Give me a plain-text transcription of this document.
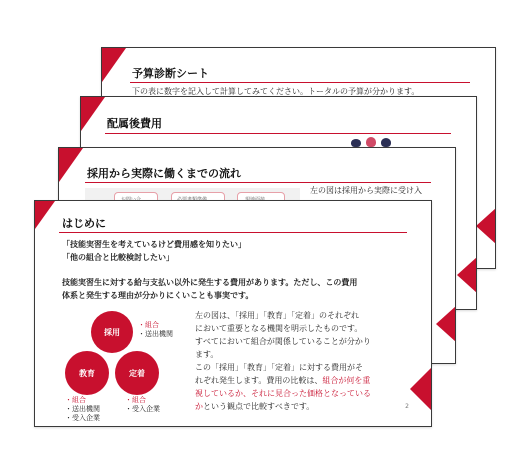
予算診断シート
下の表に数字を記入して計算してみてください。トータルの予算が分かります。
配属後費用
採用から実際に働くまでの流れ
左の図は採用から実際に受け入
はじめに
「技能実習生を考えているけど費用感を知りたい」
「他の組合と比較検討したい」
技能実習生に対する給与支払い以外に発生する費用があります。ただし、この費用
体系と発生する理由が分かりにくいことも事実です。
採用
・組合
・送出機関
教育	定着
・組合
・送出機関
・受入企業
・組合
・受入企業
左の図は、「採用」「教育」「定着」のそれぞれ
において重要となる機関を明示したものです。
すべてにおいて組合が関係していることが分かり
ます。
この「採用」「教育」「定着」に対する費用がそ
れぞれ発生します。費用の比較は、組合が何を重
視しているか、それに見合った価格となっている
かという観点で比較すべきです。	2
